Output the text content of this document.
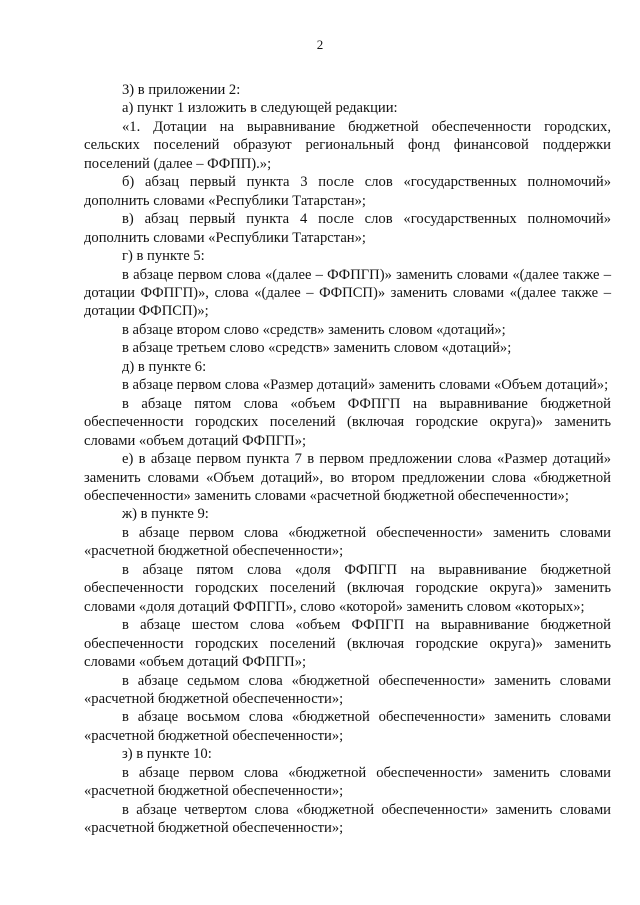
2

3) в приложении 2:

а) пункт 1 изложить в следующей редакции:

«1. Дотации на выравнивание бюджетной обеспеченности городских, сельских поселений образуют региональный фонд финансовой поддержки поселений (далее – ФФПП).»;

б) абзац первый пункта 3 после слов «государственных полномочий» дополнить словами «Республики Татарстан»;

в) абзац первый пункта 4 после слов «государственных полномочий» дополнить словами «Республики Татарстан»;

г) в пункте 5:

в абзаце первом слова «(далее – ФФПГП)» заменить словами «(далее также – дотации ФФПГП)», слова «(далее – ФФПСП)» заменить словами «(далее также – дотации ФФПСП)»;

в абзаце втором слово «средств» заменить словом «дотаций»;

в абзаце третьем слово «средств» заменить словом «дотаций»;

д) в пункте 6:

в абзаце первом слова «Размер дотаций» заменить словами «Объем дотаций»;

в абзаце пятом слова «объем ФФПГП на выравнивание бюджетной обеспеченности городских поселений (включая городские округа)» заменить словами «объем дотаций ФФПГП»;

е) в абзаце первом пункта 7 в первом предложении слова «Размер дотаций» заменить словами «Объем дотаций», во втором предложении слова «бюджетной обеспеченности» заменить словами «расчетной бюджетной обеспеченности»;

ж) в пункте 9:

в абзаце первом слова «бюджетной обеспеченности» заменить словами «расчетной бюджетной обеспеченности»;

в абзаце пятом слова «доля ФФПГП на выравнивание бюджетной обеспеченности городских поселений (включая городские округа)» заменить словами «доля дотаций ФФПГП», слово «которой» заменить словом «которых»;

в абзаце шестом слова «объем ФФПГП на выравнивание бюджетной обеспеченности городских поселений (включая городские округа)» заменить словами «объем дотаций ФФПГП»;

в абзаце седьмом слова «бюджетной обеспеченности» заменить словами «расчетной бюджетной обеспеченности»;

в абзаце восьмом слова «бюджетной обеспеченности» заменить словами «расчетной бюджетной обеспеченности»;

з) в пункте 10:

в абзаце первом слова «бюджетной обеспеченности» заменить словами «расчетной бюджетной обеспеченности»;

в абзаце четвертом слова «бюджетной обеспеченности» заменить словами «расчетной бюджетной обеспеченности»;
